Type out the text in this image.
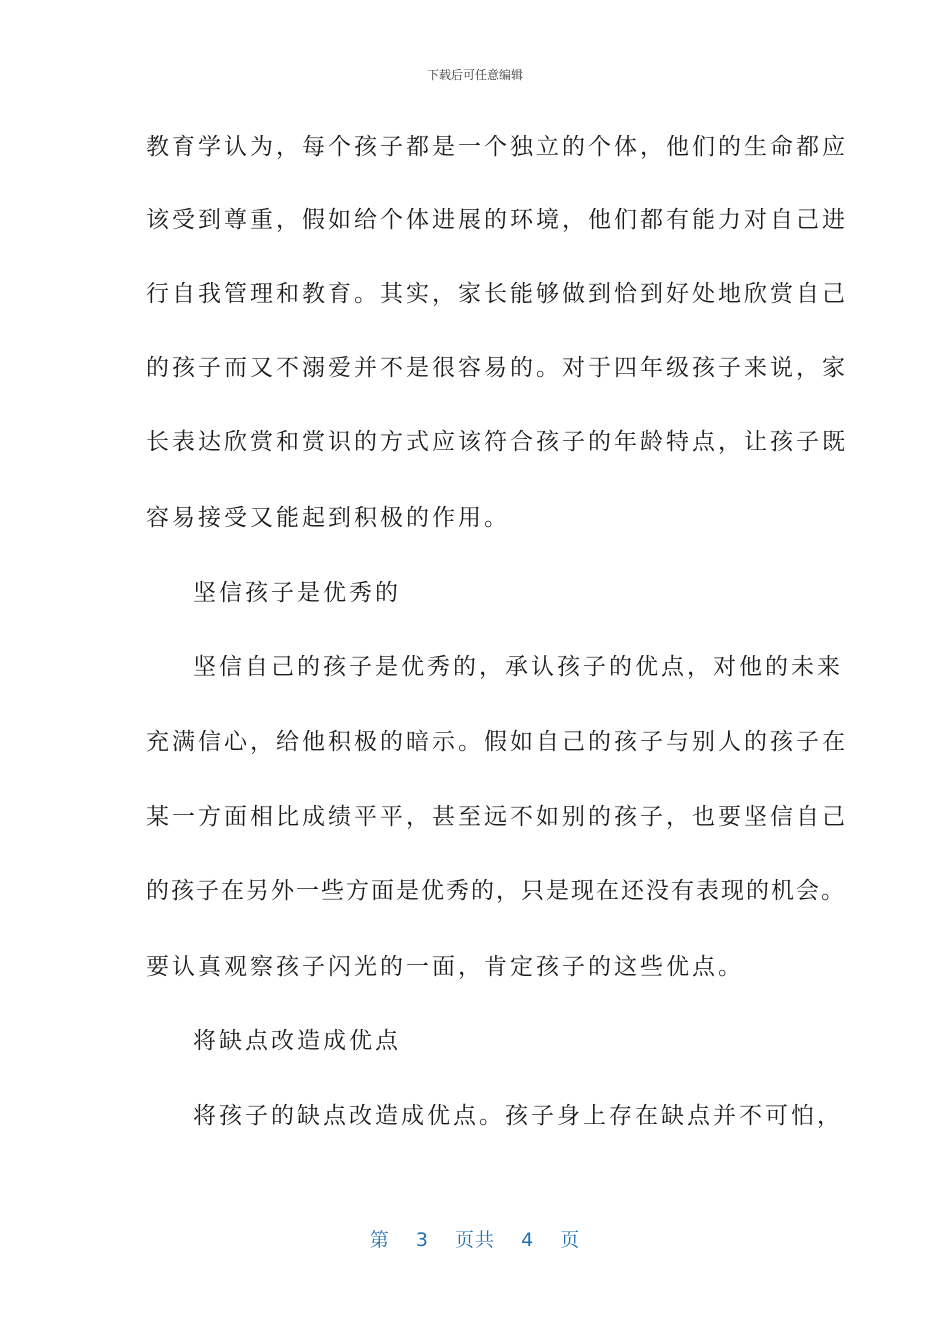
下载后可任意编辑
教育学认为，每个孩子都是一个独立的个体，他们的生命都应
该受到尊重，假如给个体进展的环境，他们都有能力对自己进
行自我管理和教育。其实，家长能够做到恰到好处地欣赏自己
的孩子而又不溺爱并不是很容易的。对于四年级孩子来说，家
长表达欣赏和赏识的方式应该符合孩子的年龄特点，让孩子既
容易接受又能起到积极的作用。
坚信孩子是优秀的
坚信自己的孩子是优秀的，承认孩子的优点，对他的未来
充满信心，给他积极的暗示。假如自己的孩子与别人的孩子在
某一方面相比成绩平平，甚至远不如别的孩子，也要坚信自己
的孩子在另外一些方面是优秀的，只是现在还没有表现的机会。
要认真观察孩子闪光的一面，肯定孩子的这些优点。
将缺点改造成优点
将孩子的缺点改造成优点。孩子身上存在缺点并不可怕，
第  3  页共  4  页
